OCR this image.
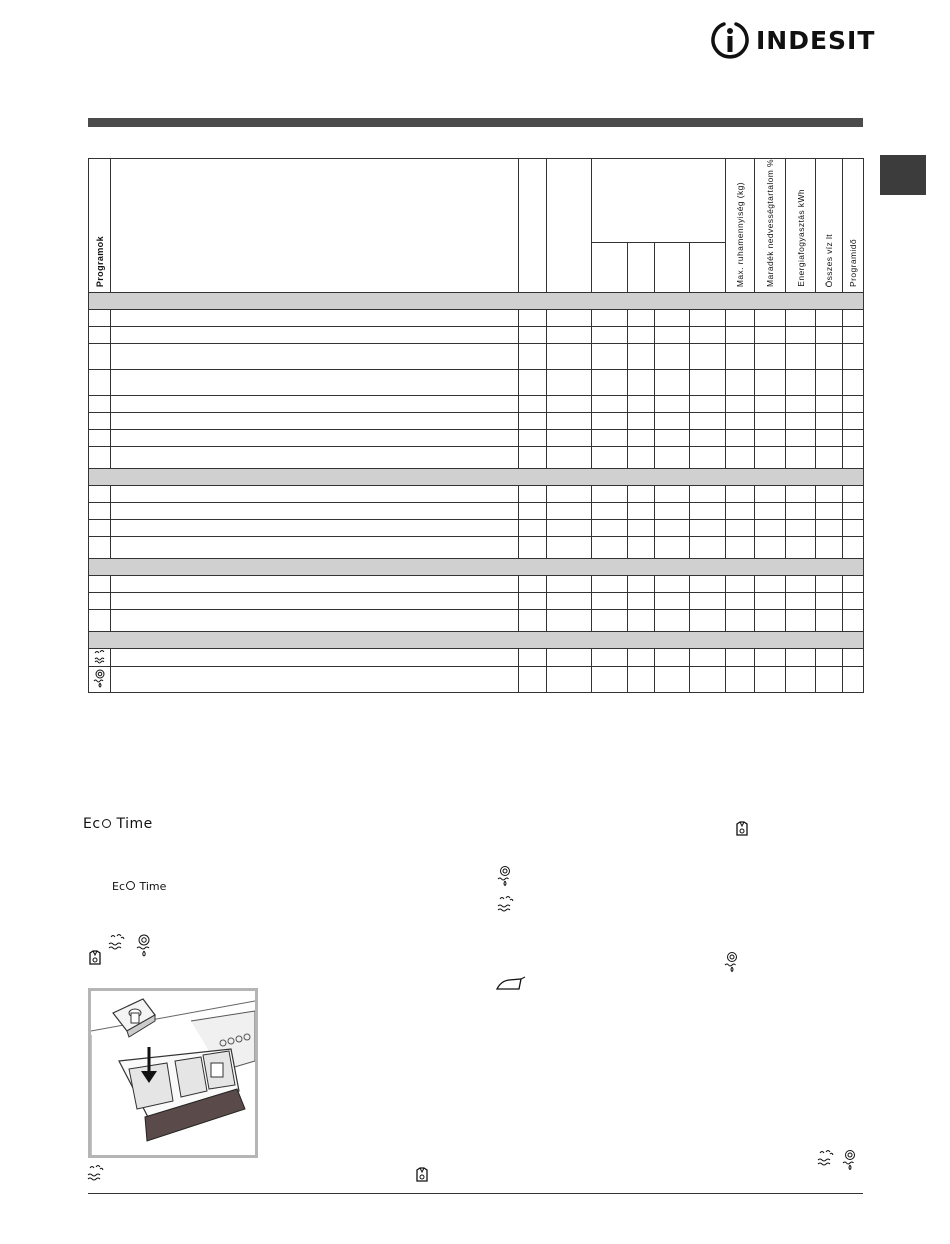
INDESIT
Programok								Max. ruhamennyiség (kg)	Maradék nedvességtartalom %	Energiafogyasztás kWh	Összes víz lt	Programidő

Ec Time
Ec Time
